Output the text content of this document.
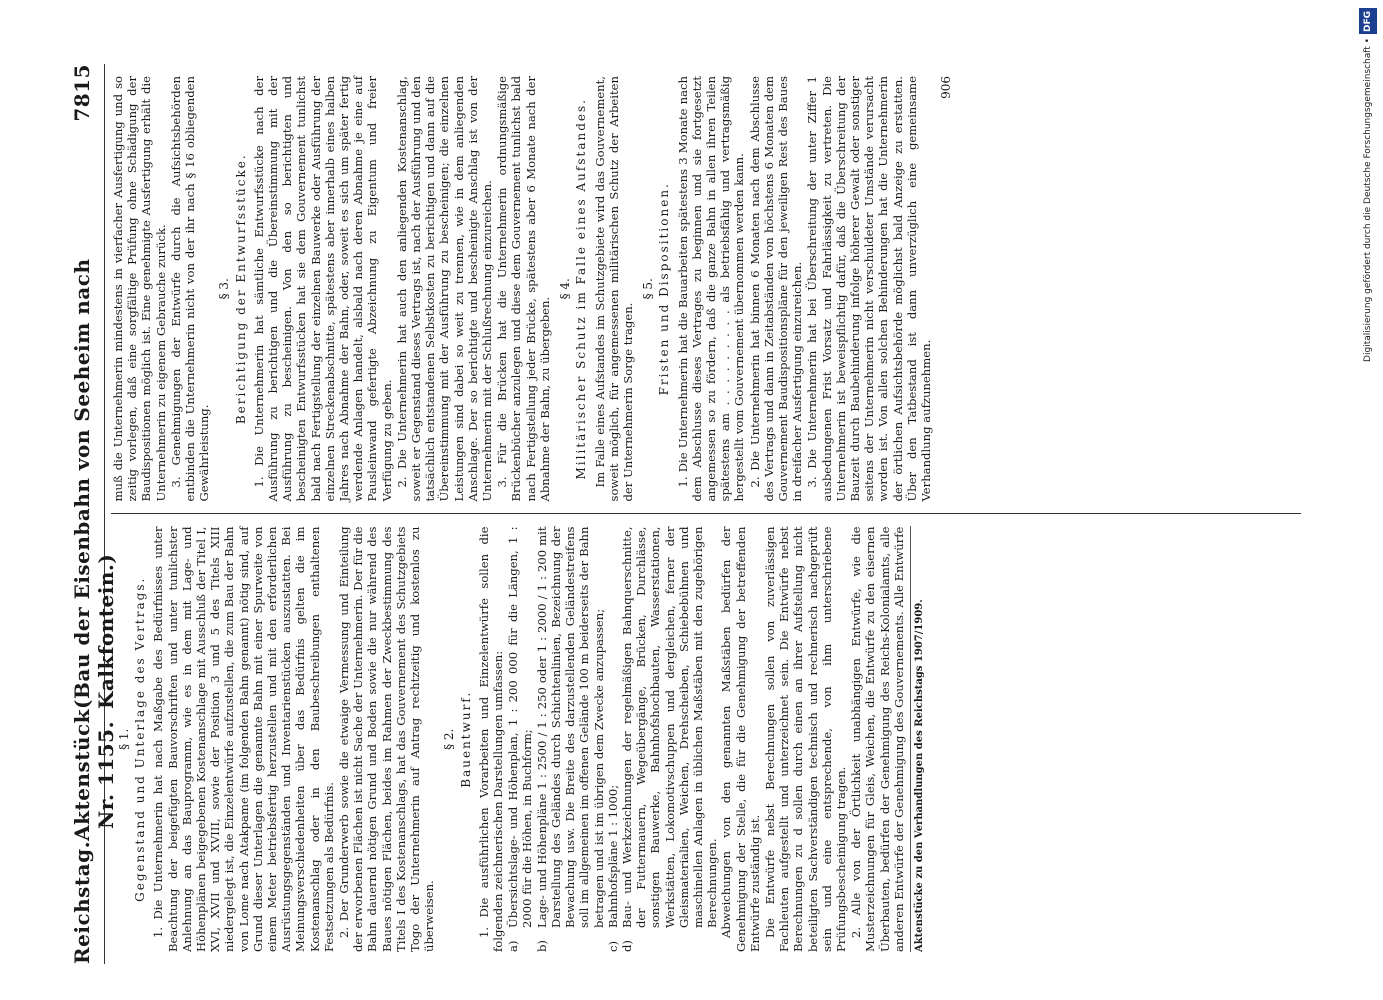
Reichstag.
Aktenstück Nr. 1155.
(Bau der Eisenbahn von Seeheim nach Kalkfontein.)
7815
§ 1. Gegenstand und Unterlage des Vertrags. 1. Die Unternehmerin hat nach Maßgabe des Bedürfnisses unter Beachtung der beigefügten Bauvorschriften und unter tunlichster Anlehnung an das Bauprogramm, wie es in dem mit Lage- und Höhenplänen beigegebenen Kostenanschlage mit Ausschluß der Titel I, XVI, XVII und XVIII, sowie der Position 3 und 5 des Titels XIII niedergelegt ist, die Einzelentwürfe aufzustellen, die zum Bau der Bahn von Lome nach Atakpame (im folgenden Bahn genannt) nötig sind, auf Grund dieser Unterlagen die genannte Bahn mit einer Spurweite von einem Meter betriebsfertig herzustellen und mit den erforderlichen Ausrüstungsgegenständen und Inventarienstücken auszustatten. Bei Meinungsverschiedenheiten über das Bedürfnis gelten die im Kostenanschlag oder in den Baubeschreibungen enthaltenen Festsetzungen als Bedürfnis. 2. Der Grunderwerb sowie die etwaige Vermessung und Einteilung der erworbenen Flächen ist nicht Sache der Unternehmerin. Der für die Bahn dauernd nötigen Grund und Boden sowie die nur während des Baues nötigen Flächen, beides im Rahmen der Zweckbestimmung des Titels I des Kostenanschlags, hat das Gouvernement des Schutzgebiets Togo der Unternehmerin auf Antrag rechtzeitig und kostenlos zu überweisen.

§ 2. Bauentwurf. 1. Die ausführlichen Vorarbeiten und Einzelentwürfe sollen die folgenden zeichnerischen Darstellungen umfassen: a)
Übersichtslage- und Höhenplan, 1 : 200 000 für die Längen, 1 : 2000 für die Höhen, in Buchform;
b)
Lage- und Höhenpläne 1 : 2500 / 1 : 250 oder 1 : 2000 / 1 : 200 mit Darstellung des Geländes durch Schichtenlinien, Bezeichnung der Bewachung usw. Die Breite des darzustellenden Geländestreifens soll im allgemeinen im offenen Gelände 100 m beiderseits der Bahn betragen und ist im übrigen dem Zwecke anzupassen;
c)
Bahnhofspläne 1 : 1000;
d)
Bau- und Werkzeichnungen der regelmäßigen Bahnquerschnitte, der Futtermauern, Wegeübergänge, Brücken, Durchlässe, sonstigen Bauwerke, Bahnhofshochbauten, Wasserstationen, Werkstätten, Lokomotivschuppen und dergleichen, ferner der Gleismaterialien, Weichen, Drehscheiben, Schiebebühnen und maschinellen Anlagen in üblichen Maßstäben mit den zugehörigen Berechnungen. Abweichungen von den genannten Maßstäben bedürfen der Genehmigung der Stelle, die für die Genehmigung der betreffenden Entwürfe zuständig ist. Die Entwürfe nebst Berechnungen sollen von zuverlässigen Fachleuten aufgestellt und unterzeichnet sein. Die Entwürfe nebst Berechnungen zu d sollen durch einen an ihrer Aufstellung nicht beteiligten Sachverständigen technisch und rechnerisch nachgeprüft sein und eine entsprechende, von ihm unterschriebene Prüfungsbescheinigung tragen. 2. Alle von der Örtlichkeit unabhängigen Entwürfe, wie die Musterzeichnungen für Gleis, Weichen, die Entwürfe zu den eisernen Überbauten, bedürfen der Genehmigung des Reichs-Kolonialamts, alle anderen Entwürfe der Genehmigung des Gouvernements. Alle Entwürfe Aktenstücke zu den Verhandlungen des Reichstags 1907/1909.

muß die Unternehmerin mindestens in vierfacher Ausfertigung und so zeitig vorlegen, daß eine sorgfältige Prüfung ohne Schädigung der Baudispositionen möglich ist. Eine genehmigte Ausfertigung erhält die Unternehmerin zu eigenem Gebrauche zurück. 3. Genehmigungen der Entwürfe durch die Aufsichtsbehörden entbinden die Unternehmerin nicht von der ihr nach § 16 obliegenden Gewährleistung.

§ 3. Berichtigung der Entwurfsstücke. 1. Die Unternehmerin hat sämtliche Entwurfsstücke nach der Ausführung zu berichtigen und die Übereinstimmung mit der Ausführung zu bescheinigen. Von den so berichtigten und bescheinigten Entwurfsstücken hat sie dem Gouvernement tunlichst bald nach Fertigstellung der einzelnen Bauwerke oder Ausführung der einzelnen Streckenabschnitte, spätestens aber innerhalb eines halben Jahres nach Abnahme der Bahn, oder, soweit es sich um später fertig werdende Anlagen handelt, alsbald nach deren Abnahme je eine auf Pausleinwand gefertigte Abzeichnung zu Eigentum und freier Verfügung zu geben. 2. Die Unternehmerin hat auch den anliegenden Kostenanschlag, soweit er Gegenstand dieses Vertrags ist, nach der Ausführung und den tatsächlich entstandenen Selbstkosten zu berichtigen und dann auf die Übereinstimmung mit der Ausführung zu bescheinigen; die einzelnen Leistungen sind dabei so weit zu trennen, wie in dem anliegenden Anschlage. Der so berichtigte und bescheinigte Anschlag ist von der Unternehmerin mit der Schlußrechnung einzureichen. 3. Für die Brücken hat die Unternehmerin ordnungsmäßige Brückenbücher anzulegen und diese dem Gouvernement tunlichst bald nach Fertigstellung jeder Brücke, spätestens aber 6 Monate nach der Abnahme der Bahn, zu übergeben.

§ 4. Militärischer Schutz im Falle eines Aufstandes. Im Falle eines Aufstandes im Schutzgebiete wird das Gouvernement, soweit möglich, für angemessenen militärischen Schutz der Arbeiten der Unternehmerin Sorge tragen.

§ 5. Fristen und Dispositionen. 1. Die Unternehmerin hat die Bauarbeiten spätestens 3 Monate nach dem Abschlusse dieses Vertrages zu beginnen und sie fortgesetzt angemessen so zu fördern, daß die ganze Bahn in allen ihren Teilen spätestens am . . . . . . . . . als betriebsfähig und vertragsmäßig hergestellt vom Gouvernement übernommen werden kann. 2. Die Unternehmerin hat binnen 6 Monaten nach dem Abschlusse des Vertrags und dann in Zeitabständen von höchstens 6 Monaten dem Gouvernement Baudispositionspläne für den jeweiligen Rest des Baues in dreifacher Ausfertigung einzureichen. 3. Die Unternehmerin hat bei Überschreitung der unter Ziffer 1 ausbedungenen Frist Vorsatz und Fahrlässigkeit zu vertreten. Die Unternehmerin ist beweispflichtig dafür, daß die Überschreitung der Bauzeit durch Baubehinderung infolge höherer Gewalt oder sonstiger seitens der Unternehmerin nicht verschuldeter Umstände verursacht worden ist. Von allen solchen Behinderungen hat die Unternehmerin der örtlichen Aufsichtsbehörde möglichst bald Anzeige zu erstatten. Über den Tatbestand ist dann unverzüglich eine gemeinsame Verhandlung aufzunehmen.

906	Digitalisierung gefördert durch die Deutsche Forschungsgemeinschaft •
DFG
